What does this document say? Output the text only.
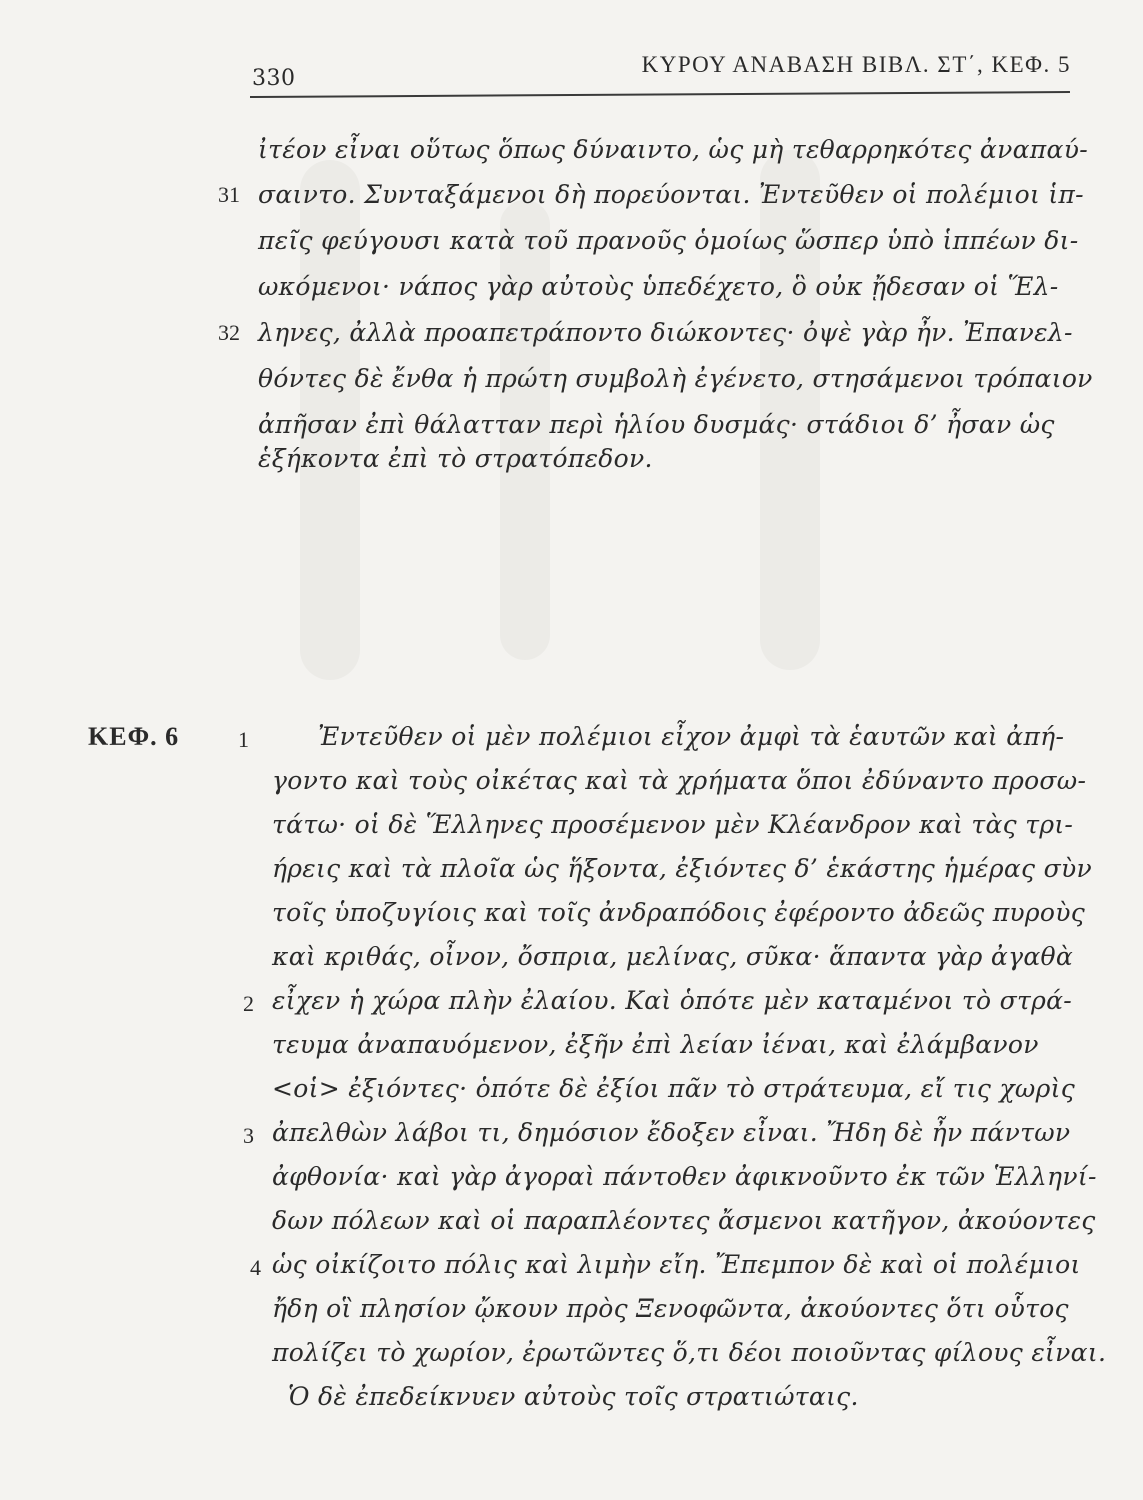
330
ΚΥΡΟΥ ΑΝΑΒΑΣΗ ΒΙΒΛ. ΣΤ΄, ΚΕΦ. 5
ΚΕΦ. 6
31
32
1
2
3
4
ἰτέον εἶναι οὕτως ὅπως δύναιντο, ὡς μὴ τεθαρρηκότες ἀναπαύ-
σαιντο. Συνταξάμενοι δὴ πορεύονται. Ἐντεῦθεν οἱ πολέμιοι ἱπ-
πεῖς φεύγουσι κατὰ τοῦ πρανοῦς ὁμοίως ὥσπερ ὑπὸ ἱππέων δι-
ωκόμενοι· νάπος γὰρ αὐτοὺς ὑπεδέχετο, ὃ οὐκ ᾔδεσαν οἱ Ἕλ-
ληνες, ἀλλὰ προαπετράποντο διώκοντες· ὀψὲ γὰρ ἦν. Ἐπανελ-
θόντες δὲ ἔνθα ἡ πρώτη συμβολὴ ἐγένετο, στησάμενοι τρόπαιον
ἀπῆσαν ἐπὶ θάλατταν περὶ ἡλίου δυσμάς· στάδιοι δ’ ἦσαν ὡς
ἑξήκοντα ἐπὶ τὸ στρατόπεδον.
Ἐντεῦθεν οἱ μὲν πολέμιοι εἶχον ἀμφὶ τὰ ἑαυτῶν καὶ ἀπή-
γοντο καὶ τοὺς οἰκέτας καὶ τὰ χρήματα ὅποι ἐδύναντο προσω-
τάτω· οἱ δὲ Ἕλληνες προσέμενον μὲν Κλέανδρον καὶ τὰς τρι-
ήρεις καὶ τὰ πλοῖα ὡς ἥξοντα, ἐξιόντες δ’ ἑκάστης ἡμέρας σὺν
τοῖς ὑποζυγίοις καὶ τοῖς ἀνδραπόδοις ἐφέροντο ἀδεῶς πυροὺς
καὶ κριθάς, οἶνον, ὄσπρια, μελίνας, σῦκα· ἅπαντα γὰρ ἀγαθὰ
εἶχεν ἡ χώρα πλὴν ἐλαίου. Καὶ ὁπότε μὲν καταμένοι τὸ στρά-
τευμα ἀναπαυόμενον, ἐξῆν ἐπὶ λείαν ἰέναι, καὶ ἐλάμβανον
<οἱ> ἐξιόντες· ὁπότε δὲ ἐξίοι πᾶν τὸ στράτευμα, εἴ τις χωρὶς
ἀπελθὼν λάβοι τι, δημόσιον ἔδοξεν εἶναι. Ἤδη δὲ ἦν πάντων
ἀφθονία· καὶ γὰρ ἀγοραὶ πάντοθεν ἀφικνοῦντο ἐκ τῶν Ἑλληνί-
δων πόλεων καὶ οἱ παραπλέοντες ἄσμενοι κατῆγον, ἀκούοντες
ὡς οἰκίζοιτο πόλις καὶ λιμὴν εἴη. Ἔπεμπον δὲ καὶ οἱ πολέμιοι
ἤδη οἳ πλησίον ᾤκουν πρὸς Ξενοφῶντα, ἀκούοντες ὅτι οὗτος
πολίζει τὸ χωρίον, ἐρωτῶντες ὅ,τι δέοι ποιοῦντας φίλους εἶναι.
Ὁ δὲ ἐπεδείκνυεν αὐτοὺς τοῖς στρατιώταις.
